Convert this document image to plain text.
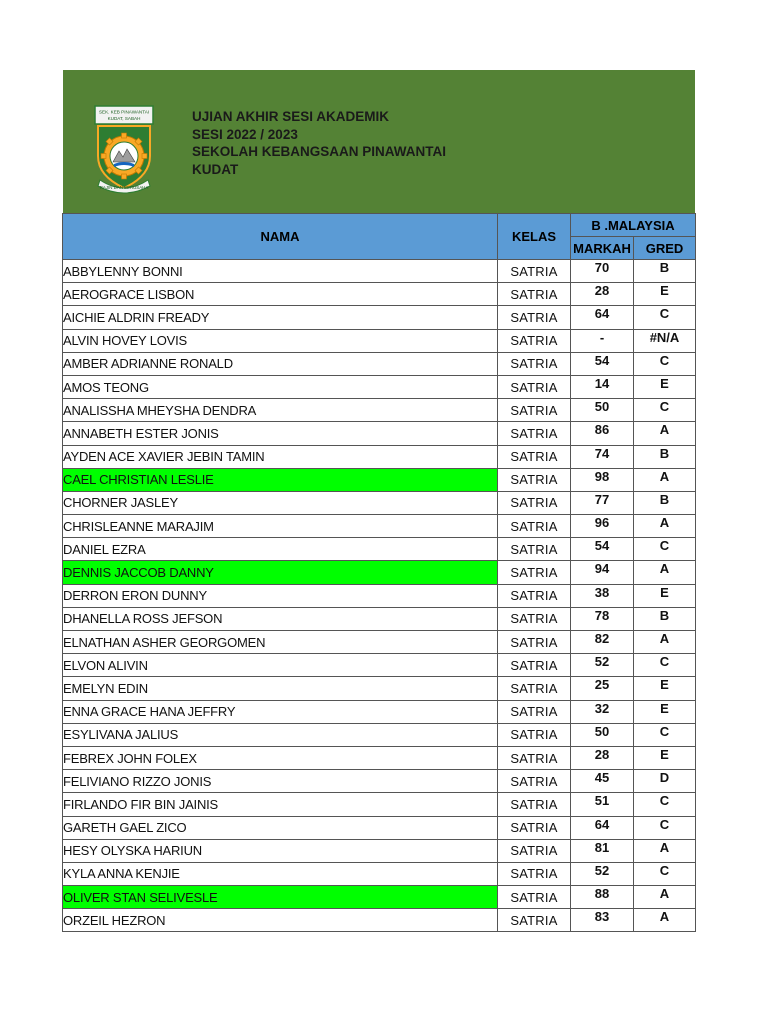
SEK. KEB PINAWANTAI
KUDAT, SABAH
RAJIN DAN BERUSAHA
UJIAN AKHIR SESI AKADEMIK
SESI 2022 / 2023
SEKOLAH KEBANGSAAN PINAWANTAI
KUDAT
NAMA	KELAS	B .MALAYSIA	
		MARKAH	GRED
ABBYLENNY BONNI	SATRIA	70	B
AEROGRACE LISBON	SATRIA	28	E
AICHIE ALDRIN FREADY	SATRIA	64	C
ALVIN HOVEY LOVIS	SATRIA	-	#N/A
AMBER ADRIANNE RONALD	SATRIA	54	C
AMOS TEONG	SATRIA	14	E
ANALISSHA MHEYSHA DENDRA	SATRIA	50	C
ANNABETH ESTER JONIS	SATRIA	86	A
AYDEN ACE XAVIER JEBIN TAMIN	SATRIA	74	B
CAEL CHRISTIAN LESLIE	SATRIA	98	A
CHORNER JASLEY	SATRIA	77	B
CHRISLEANNE MARAJIM	SATRIA	96	A
DANIEL EZRA	SATRIA	54	C
DENNIS JACCOB DANNY	SATRIA	94	A
DERRON ERON DUNNY	SATRIA	38	E
DHANELLA ROSS JEFSON	SATRIA	78	B
ELNATHAN ASHER GEORGOMEN	SATRIA	82	A
ELVON ALIVIN	SATRIA	52	C
EMELYN EDIN	SATRIA	25	E
ENNA GRACE HANA JEFFRY	SATRIA	32	E
ESYLIVANA JALIUS	SATRIA	50	C
FEBREX JOHN FOLEX	SATRIA	28	E
FELIVIANO RIZZO JONIS	SATRIA	45	D
FIRLANDO FIR BIN JAINIS	SATRIA	51	C
GARETH GAEL ZICO	SATRIA	64	C
HESY OLYSKA HARIUN	SATRIA	81	A
KYLA ANNA KENJIE	SATRIA	52	C
OLIVER STAN SELIVESLE	SATRIA	88	A
ORZEIL HEZRON	SATRIA	83	A
